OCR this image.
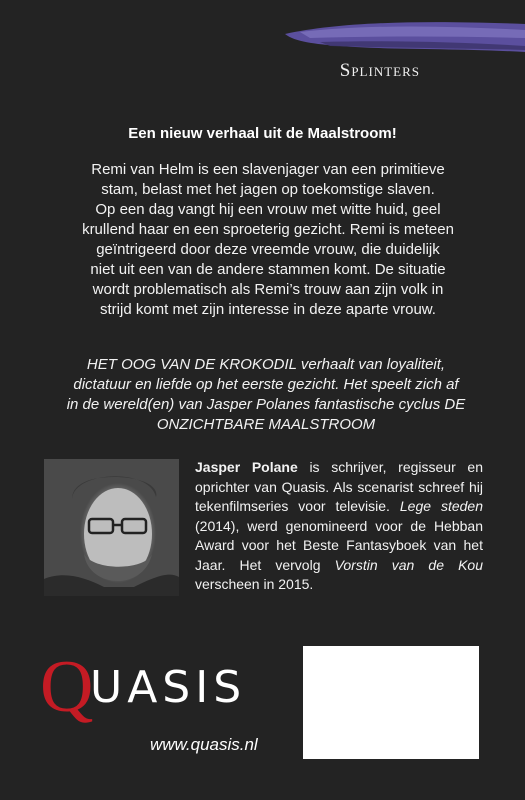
Splinters
Een nieuw verhaal uit de Maalstroom!

Remi van Helm is een slavenjager van een primitieve
stam, belast met het jagen op toekomstige slaven.
Op een dag vangt hij een vrouw met witte huid, geel
krullend haar en een sproeterig gezicht. Remi is meteen
geïntrigeerd door deze vreemde vrouw, die duidelijk
niet uit een van de andere stammen komt. De situatie
wordt problematisch als Remi’s trouw aan zijn volk in
strijd komt met zijn interesse in deze aparte vrouw.

HET OOG VAN DE KROKODIL verhaalt van loyaliteit,
dictatuur en liefde op het eerste gezicht. Het speelt zich af
in de wereld(en) van Jasper Polanes fantastische cyclus DE
ONZICHTBARE MAALSTROOM

Jasper Polane is schrijver, regisseur en oprichter van Quasis. Als scenarist schreef hij tekenfilmseries voor televisie. Lege steden (2014), werd genomineerd voor de Hebban Award voor het Beste Fantasyboek van het Jaar. Het vervolg Vorstin van de Kou verscheen in 2015.

Q
UASIS
www.quasis.nl
